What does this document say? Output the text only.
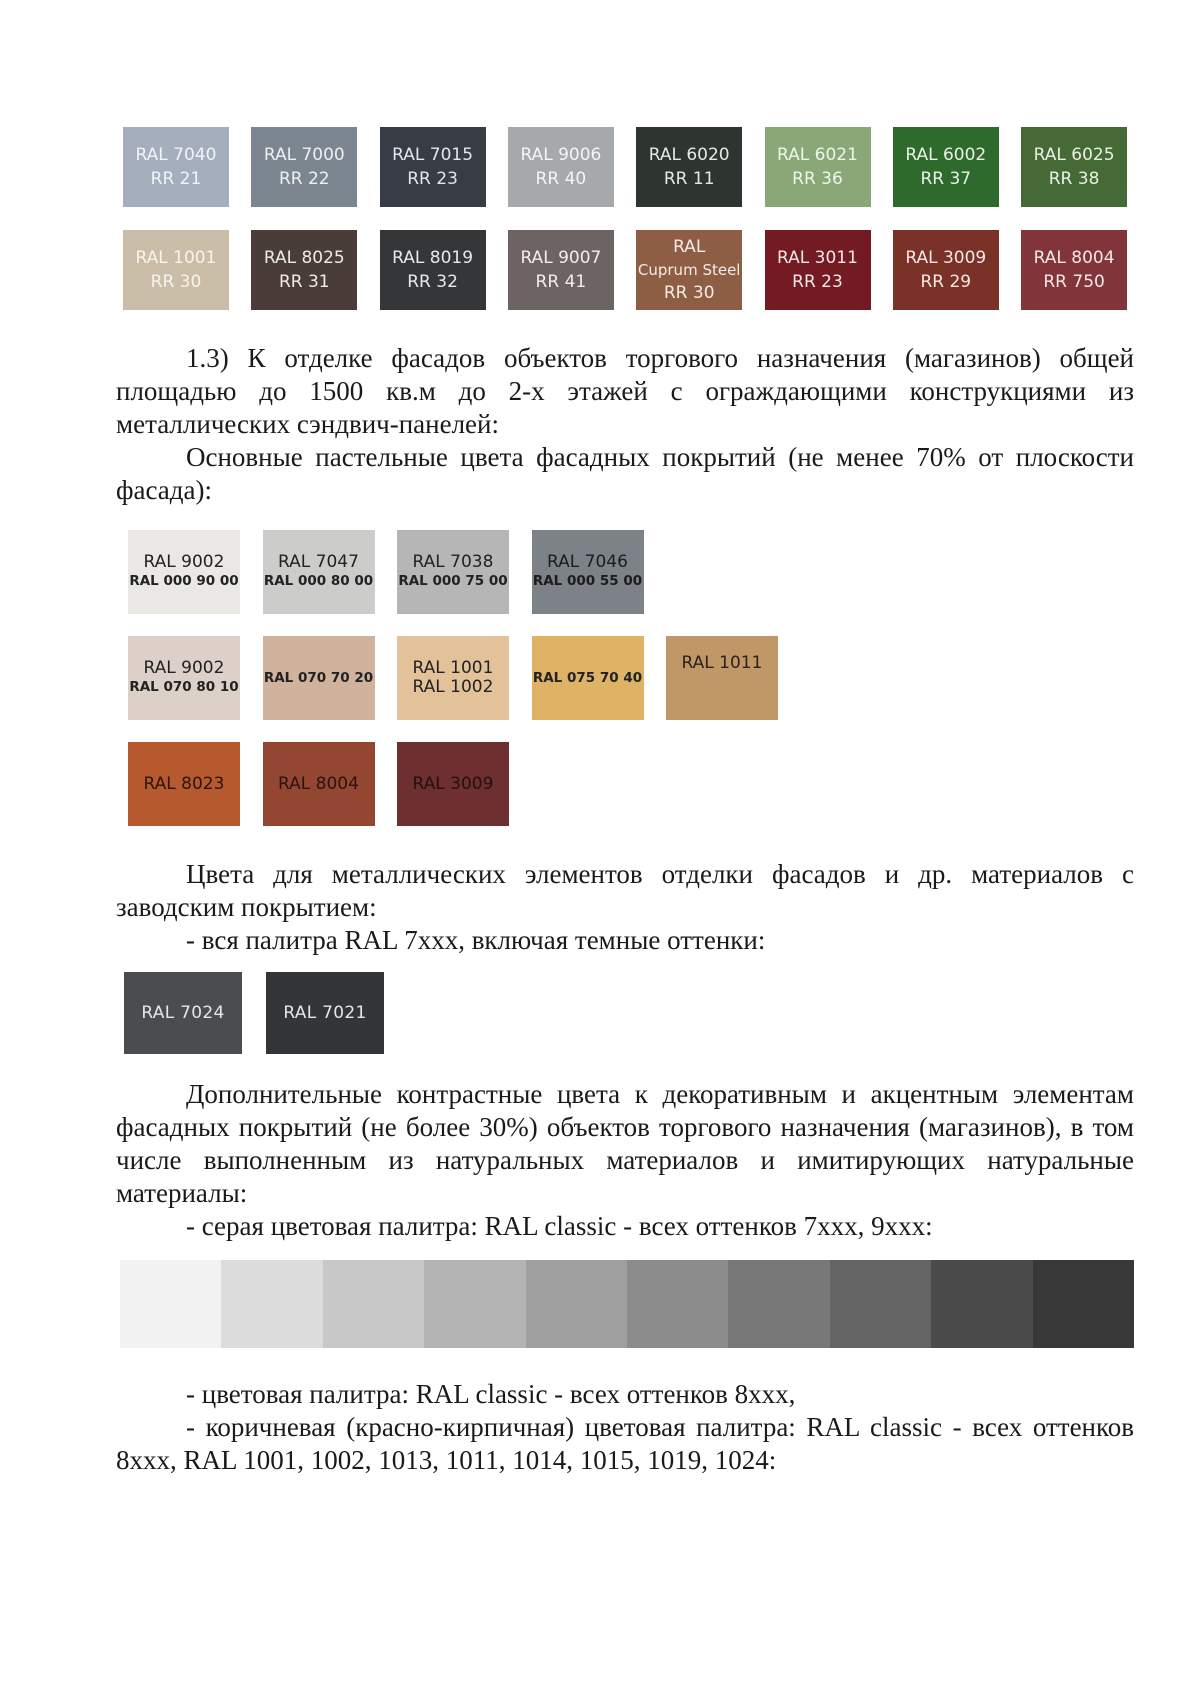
RAL 7040
RR 21
RAL 7000
RR 22
RAL 7015
RR 23
RAL 9006
RR 40
RAL 6020
RR 11
RAL 6021
RR 36
RAL 6002
RR 37
RAL 6025
RR 38
RAL 1001
RR 30
RAL 8025
RR 31
RAL 8019
RR 32
RAL 9007
RR 41
RAL
Cuprum Steel
RR 30
RAL 3011
RR 23
RAL 3009
RR 29
RAL 8004
RR 750

1.3) К отделке фасадов объектов торгового назначения (магазинов) общей площадью до 1500 кв.м до 2-х этажей с ограждающими конструкциями из металлических сэндвич-панелей:

Основные пастельные цвета фасадных покрытий (не менее 70% от плоскости фасада):

RAL 9002
RAL 000 90 00
RAL 7047
RAL 000 80 00
RAL 7038
RAL 000 75 00
RAL 7046
RAL 000 55 00
RAL 9002
RAL 070 80 10
RAL 070 70 20 RAL 1001
RAL 1002	RAL 075 70 40
RAL 1011
RAL 8023	RAL 8004	RAL 3009

Цвета для металлических элементов отделки фасадов и др. материалов с заводским покрытием:

- вся палитра RAL 7xxx, включая темные оттенки:

RAL 7024	RAL 7021

Дополнительные контрастные цвета к декоративным и акцентным элементам фасадных покрытий (не более 30%) объектов торгового назначения (магазинов), в том числе выполненным из натуральных материалов и имитирующих натуральные материалы:

- серая цветовая палитра: RAL classic - всех оттенков 7xxx, 9xxx:

- цветовая палитра: RAL classic - всех оттенков 8xxx,

- коричневая (красно-кирпичная) цветовая палитра: RAL classic - всех оттенков 8xxx, RAL 1001, 1002, 1013, 1011, 1014, 1015, 1019, 1024:
